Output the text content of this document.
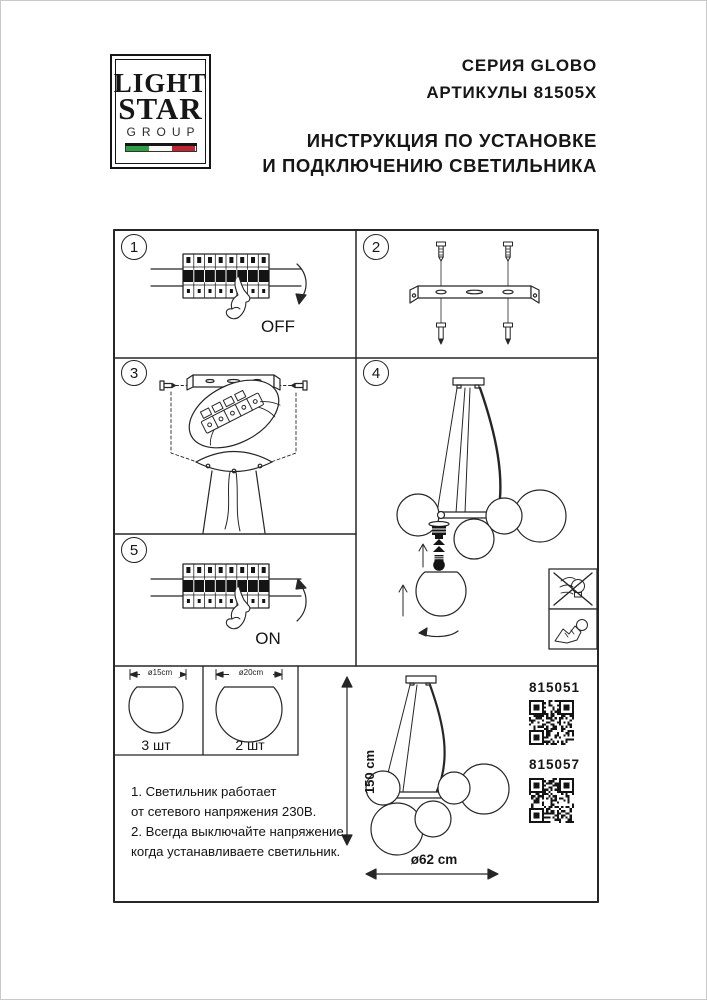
LIGHT
STAR
GROUP
СЕРИЯ GLOBO
АРТИКУЛЫ 81505X
ИНСТРУКЦИЯ ПО УСТАНОВКЕ
И ПОДКЛЮЧЕНИЮ СВЕТИЛЬНИКА
1	2
3	4
5
OFF
ON
ø15cm	ø20cm
3 шт	2 шт
1. Светильник работает
от сетевого напряжения 230В.
2. Всегда выключайте напряжение,
когда устанавливаете светильник.
150 cm
ø62 cm
815051
815057
